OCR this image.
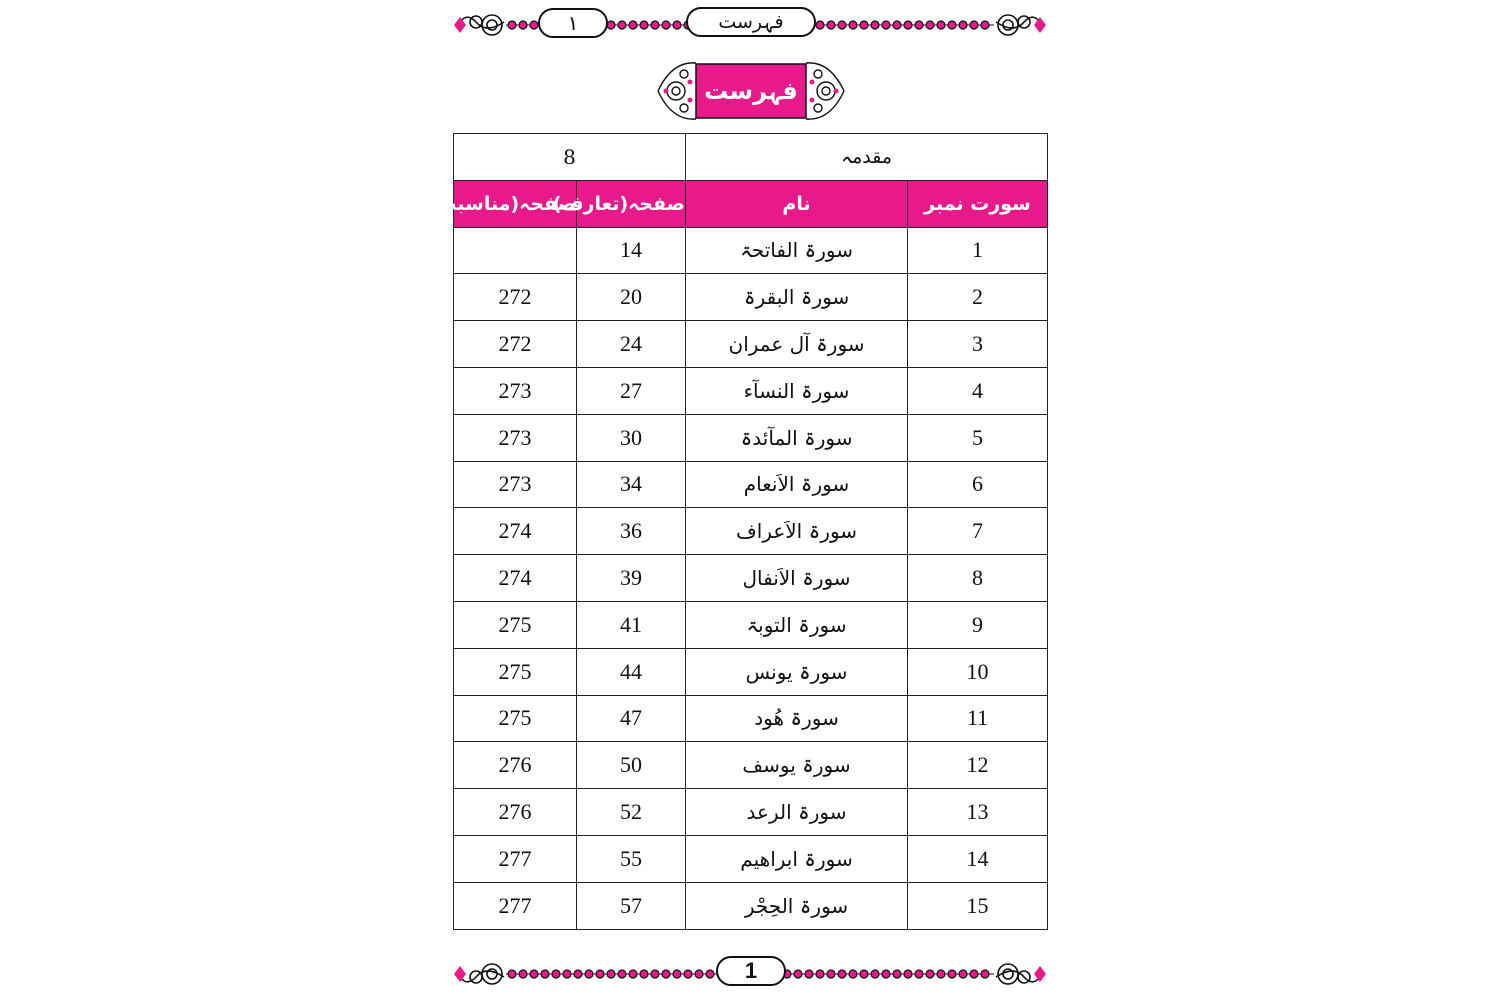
١	فہرست
فہرست
مقدمہ		8	
سورت نمبر	نام	صفحہ(تعارف)	صفحہ(مناسبت)
1	سورۃ الفاتحۃ	14	
2	سورۃ البقرۃ	20	272
3	سورۃ آل عمران	24	272
4	سورۃ النسآء	27	273
5	سورۃ المآئدۃ	30	273
6	سورۃ الاَنعام	34	273
7	سورۃ الاَعراف	36	274
8	سورۃ الاَنفال	39	274
9	سورۃ التوبۃ	41	275
10	سورۃ یونس	44	275
11	سورۃ ھُود	47	275
12	سورۃ یوسف	50	276
13	سورۃ الرعد	52	276
14	سورۃ ابراھیم	55	277
15	سورۃ الحِجْر	57	277
1
